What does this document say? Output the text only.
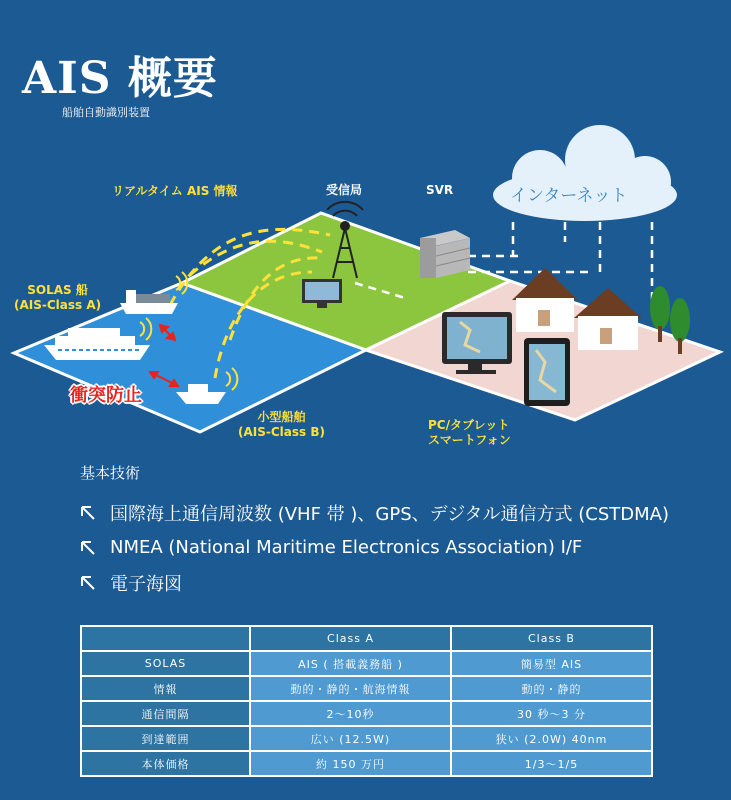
AIS 概要
船舶自動識別装置
インターネット
リアルタイム AIS 情報	受信局	SVR
SOLAS 船
(AIS-Class A)
衝突防止
小型船舶
(AIS-Class B)	PC/タブレット
スマートフォン
基本技術
国際海上通信周波数 (VHF 帯 )、GPS、デジタル通信方式 (CSTDMA)
NMEA (National Maritime Electronics Association) I/F
電子海図
	Class A	Class B
SOLAS	AIS ( 搭載義務船 )	簡易型 AIS
情報	動的・静的・航海情報	動的・静的
通信間隔	2～10秒	30 秒～3 分
到達範囲	広い (12.5W)	狭い (2.0W) 40nm
本体価格	約 150 万円	1/3～1/5
